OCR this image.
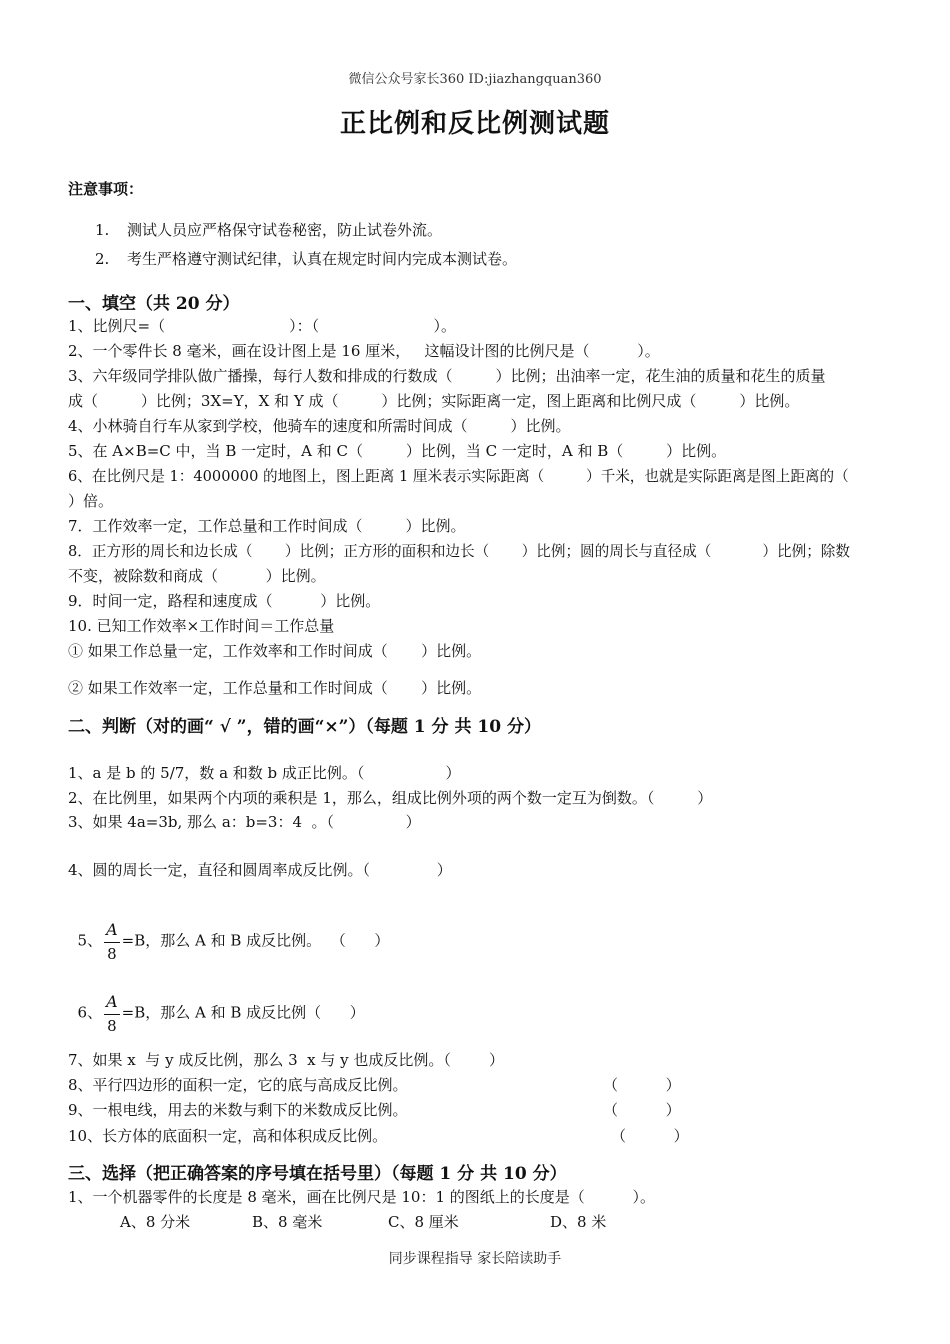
微信公众号家长360 ID:jiazhangquan360
正比例和反比例测试题
注意事项：
1. 测试人员应严格保守试卷秘密，防止试卷外流。
2. 考生严格遵守测试纪律，认真在规定时间内完成本测试卷。
一、填空（共 20 分）
1、比例尺=（                          ）：（                        ）。
2、一个零件长 8 毫米，画在设计图上是 16 厘米，   这幅设计图的比例尺是（          ）。
3、六年级同学排队做广播操，每行人数和排成的行数成（         ）比例；出油率一定，花生油的质量和花生的质量
成（         ）比例；3X=Y，X 和 Y 成（         ）比例；实际距离一定，图上距离和比例尺成（         ）比例。
4、小林骑自行车从家到学校，他骑车的速度和所需时间成（         ）比例。
5、在 A×B=C 中，当 B 一定时，A 和 C（         ）比例，当 C 一定时，A 和 B（         ）比例。
6、在比例尺是 1：4000000 的地图上，图上距离 1 厘米表示实际距离（         ）千米，也就是实际距离是图上距离的（
）倍。
7．工作效率一定，工作总量和工作时间成（         ）比例。
8．正方形的周长和边长成（       ）比例；正方形的面积和边长（       ）比例；圆的周长与直径成（           ）比例；除数
不变，被除数和商成（          ）比例。
9．时间一定，路程和速度成（          ）比例。
10. 已知工作效率×工作时间＝工作总量
① 如果工作总量一定，工作效率和工作时间成（       ）比例。
② 如果工作效率一定，工作总量和工作时间成（       ）比例。
二、判断（对的画“ √ ”，错的画“×”）（每题 1 分 共 10 分）
1、a 是 b 的 5/7，数 a 和数 b 成正比例。（                 ）
2、在比例里，如果两个内项的乘积是 1，那么，组成比例外项的两个数一定互为倒数。（         ）
3、如果 4a=3b, 那么 a：b=3：4  。（               ）
4、圆的周长一定，直径和圆周率成反比例。（              ）

5、 $\frac{A}{8} =B$，那么 A 和 B 成反比例。  （      ）

6、 $\frac{A}{8} =B$，那么 A 和 B 成反比例（      ）

7、如果 x  与 y 成反比例，那么 3  x 与 y 也成反比例。（        ）
8、平行四边形的面积一定，它的底与高成反比例。	（          ）
9、一根电线，用去的米数与剩下的米数成反比例。	（          ）
10、长方体的底面积一定，高和体积成反比例。	（          ）
三、选择（把正确答案的序号填在括号里）（每题 1 分 共 10 分）
1、一个机器零件的长度是 8 毫米，画在比例尺是 10：1 的图纸上的长度是（          ）。
A、8 分米	B、8 毫米	C、8 厘米	D、8 米
同步课程指导 家长陪读助手
